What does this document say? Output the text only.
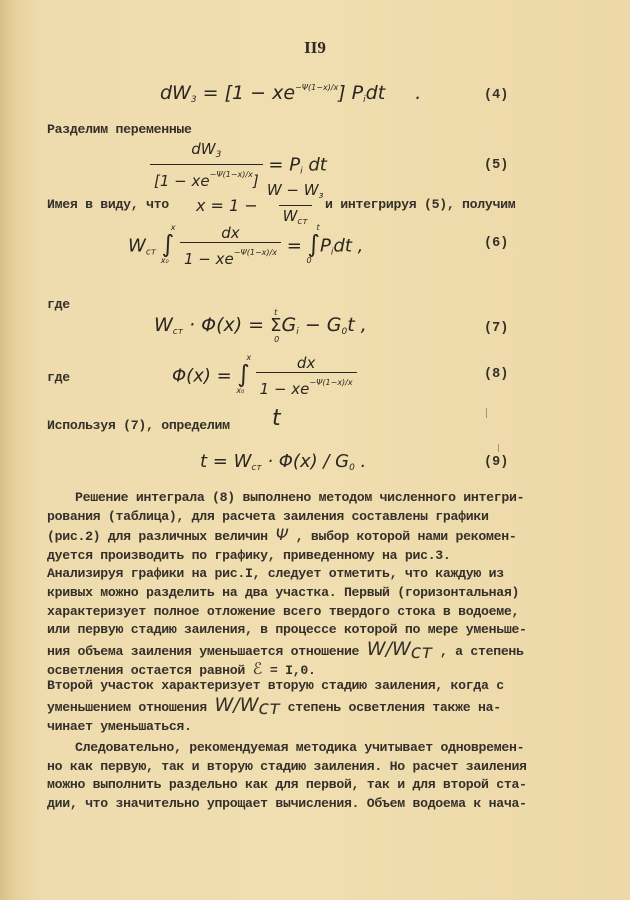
II9
$dW_3 = [1 - xe^{-\Psi(1-x)/x}]$ $P_idt$ .	(4)
Разделим переменные
$\frac{dW_3}{[1 - xe^{-\Psi(1-x)/x}]} = P_i$ dt	(5)
Имея в виду, что $x = 1 - \frac{W - W_з}{W_{ст}}$
и интегрируя (5), получим
$W_{ст}$ ∫
x
x₀
$\frac{dx}{1 - xe^{-\Psi(1-x)/x}}$ = ∫
t
0
$P_idt$ ,	(6)
где
$W_{ст} \cdot \Phi(x) = \Sigma$
t
0
$G_i - G_0t$ ,	(7)
где	Φ(x) = ∫
x
x₀
$\frac{dx}{1 - xe^{-\Psi(1-x)/x}}$	(8)
Используя (7), определим t
$t = W_{ст} \cdot \Phi(x) / G_0$ .	(9)
Решение интеграла (8) выполнено методом численного интегри-
рования (таблица), для расчета заиления составлены графики
(рис.2) для различных величин Ψ , выбор которой нами рекомен-
дуется производить по графику, приведенному на рис.3.
Анализируя графики на рис.I, следует отметить, что каждую из
кривых можно разделить на два участка. Первый (горизонтальная)
характеризует полное отложение всего твердого стока в водоеме,
или первую стадию заиления, в процессе которой по мере уменьше-
ния объема заиления уменьшается отношение W/Wст , а степень
осветления остается равной ℰ = I,0.
Второй участок характеризует вторую стадию заиления, когда с
уменьшением отношения W/Wст степень осветления также на-
чинает уменьшаться.
Следовательно, рекомендуемая методика учитывает одновремен-
но как первую, так и вторую стадию заиления. Но расчет заиления
можно выполнить раздельно как для первой, так и для второй ста-
дии, что значительно упрощает вычисления. Объем водоема к нача-
